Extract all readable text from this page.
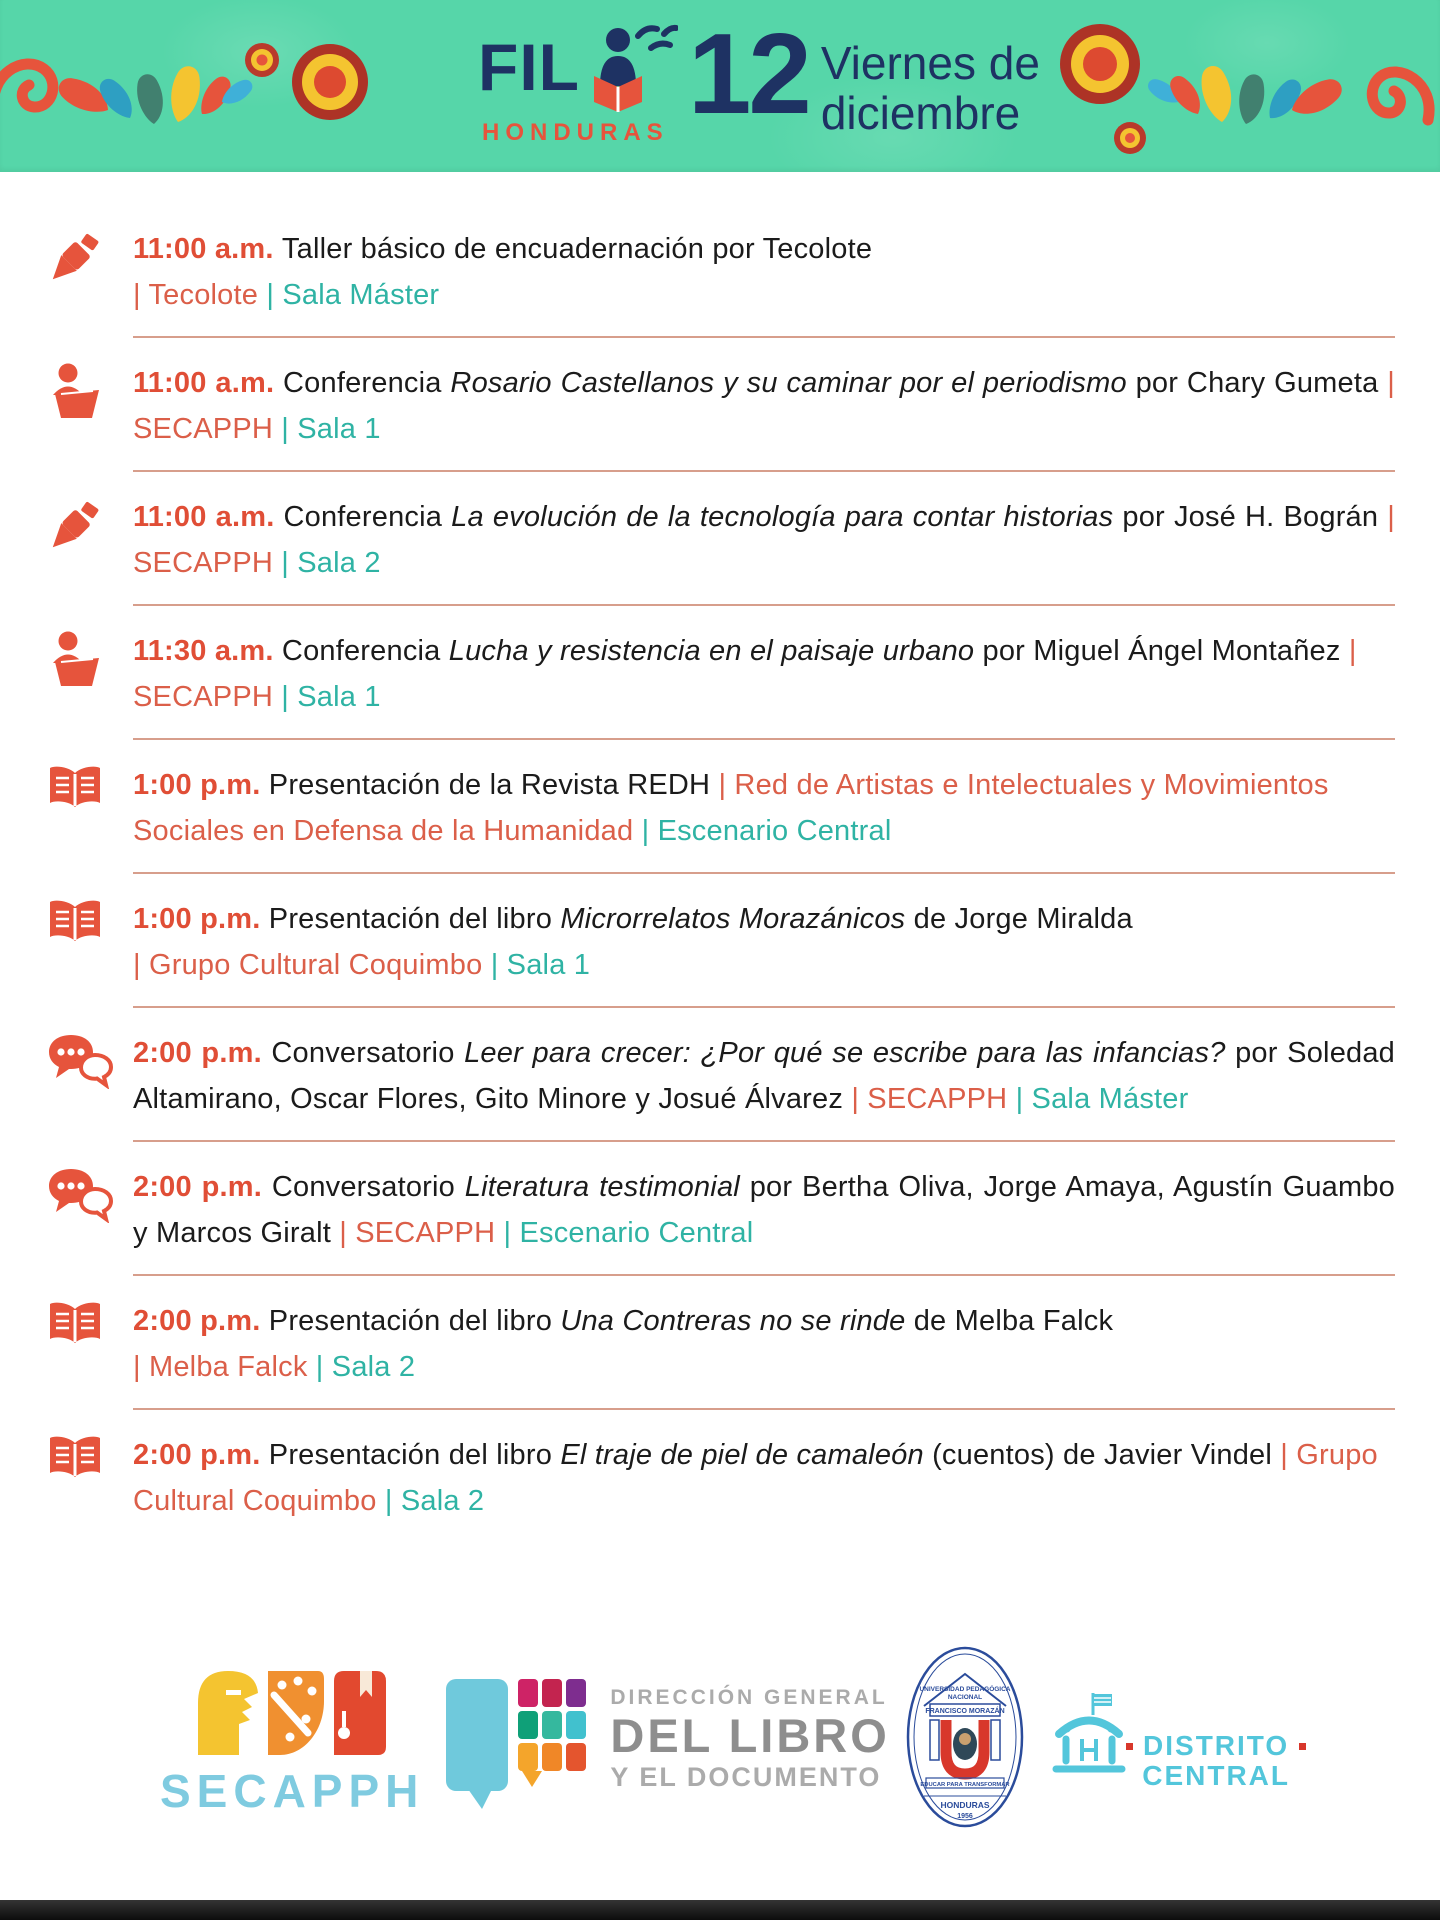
FIL
HONDURAS 12 Viernes de
diciembre

11:00 a.m. Taller básico de encuadernación por Tecolote
| Tecolote | Sala Máster

11:00 a.m. Conferencia Rosario Castellanos y su caminar por el periodismo por Chary Gumeta | SECAPPH | Sala 1

11:00 a.m. Conferencia La evolución de la tecnología para contar historias por José H. Bográn | SECAPPH | Sala 2

11:30 a.m. Conferencia Lucha y resistencia en el paisaje urbano por Miguel Ángel Montañez | SECAPPH | Sala 1

1:00 p.m. Presentación de la Revista REDH | Red de Artistas e Intelectuales y Movimientos Sociales en Defensa de la Humanidad | Escenario Central

1:00 p.m. Presentación del libro Microrrelatos Morazánicos de Jorge Miralda
| Grupo Cultural Coquimbo | Sala 1

2:00 p.m. Conversatorio Leer para crecer: ¿Por qué se escribe para las infancias? por Soledad Altamirano, Oscar Flores, Gito Minore y Josué Álvarez | SECAPPH | Sala Máster

2:00 p.m. Conversatorio Literatura testimonial por Bertha Oliva, Jorge Amaya, Agustín Guambo y Marcos Giralt | SECAPPH | Escenario Central

2:00 p.m. Presentación del libro Una Contreras no se rinde de Melba Falck
| Melba Falck | Sala 2

2:00 p.m. Presentación del libro El traje de piel de camaleón (cuentos) de Javier Vindel | Grupo Cultural Coquimbo | Sala 2

SECAPPH
DIRECCIÓN GENERAL
DEL LIBRO
Y EL DOCUMENTO
UNIVERSIDAD PEDAGÓGICA
NACIONAL
FRANCISCO MORAZÁN
EDUCAR PARA TRANSFORMAR
HONDURAS
1956

DISTRITO
CENTRAL
